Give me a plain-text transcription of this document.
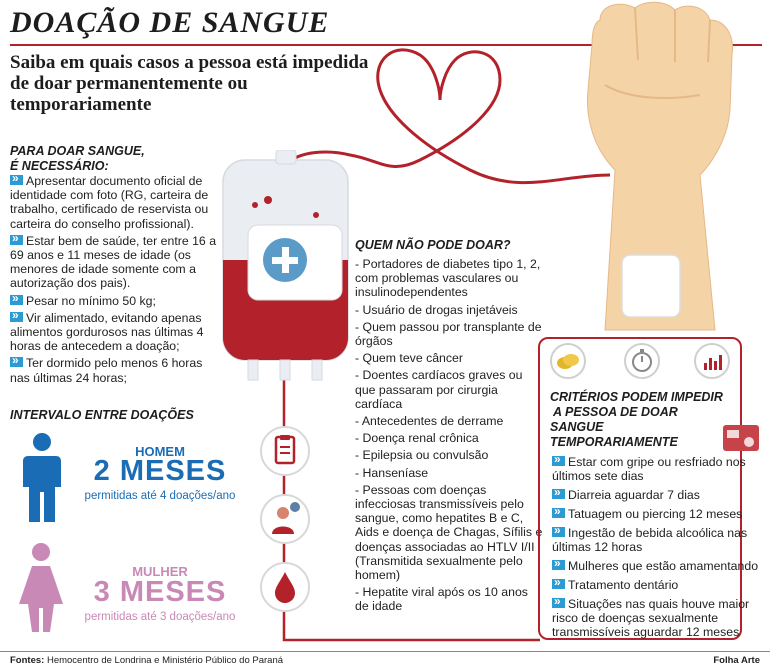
DOAÇÃO DE SANGUE
Saiba em quais casos a pessoa está impedida de doar permanentemente ou temporariamente
PARA DOAR SANGUE,
É NECESSÁRIO:
»Apresentar documento oficial de identidade com foto (RG, carteira de trabalho, certificado de reservista ou carteira do conselho profissional).
»Estar bem de saúde, ter entre 16 a 69 anos e 11 meses de idade (os menores de idade somente com a autorização dos pais).
»Pesar no mínimo 50 kg;
»Vir alimentado, evitando apenas alimentos gordurosos nas últimas 4 horas de antecedem a doação;
»Ter dormido pelo menos 6 horas nas últimas 24 horas;
INTERVALO ENTRE DOAÇÕES
HOMEM
2 MESES
permitidas até 4 doações/ano
MULHER
3 MESES
permitidas até 3 doações/ano
QUEM NÃO PODE DOAR?
- Portadores de diabetes tipo 1, 2, com problemas vasculares ou insulinodependentes
- Usuário de drogas injetáveis
- Quem passou por transplante de órgãos
- Quem teve câncer
- Doentes cardíacos graves ou que passaram por cirurgia cardíaca
- Antecedentes de derrame
- Doença renal crônica
- Epilepsia ou convulsão
- Hanseníase
- Pessoas com doenças infecciosas transmissíveis pelo sangue, como hepatites B e C, Aids e doença de Chagas, Sífilis e doenças associadas ao HTLV I/II (Transmitida sexualmente pelo homem)
- Hepatite viral após os 10 anos de idade
CRITÉRIOS PODEM IMPEDIR
A PESSOA DE DOAR
SANGUE
TEMPORARIAMENTE
»Estar com gripe ou resfriado nos últimos sete dias
»Diarreia aguardar 7 dias
»Tatuagem ou piercing 12 meses
»Ingestão de bebida alcoólica nas últimas 12 horas
»Mulheres que estão amamentando
»Tratamento dentário
»Situações nas quais houve maior risco de doenças sexualmente transmissíveis aguardar 12 meses
Fontes: Hemocentro de Londrina e Ministério Público do Paraná	Folha Arte
